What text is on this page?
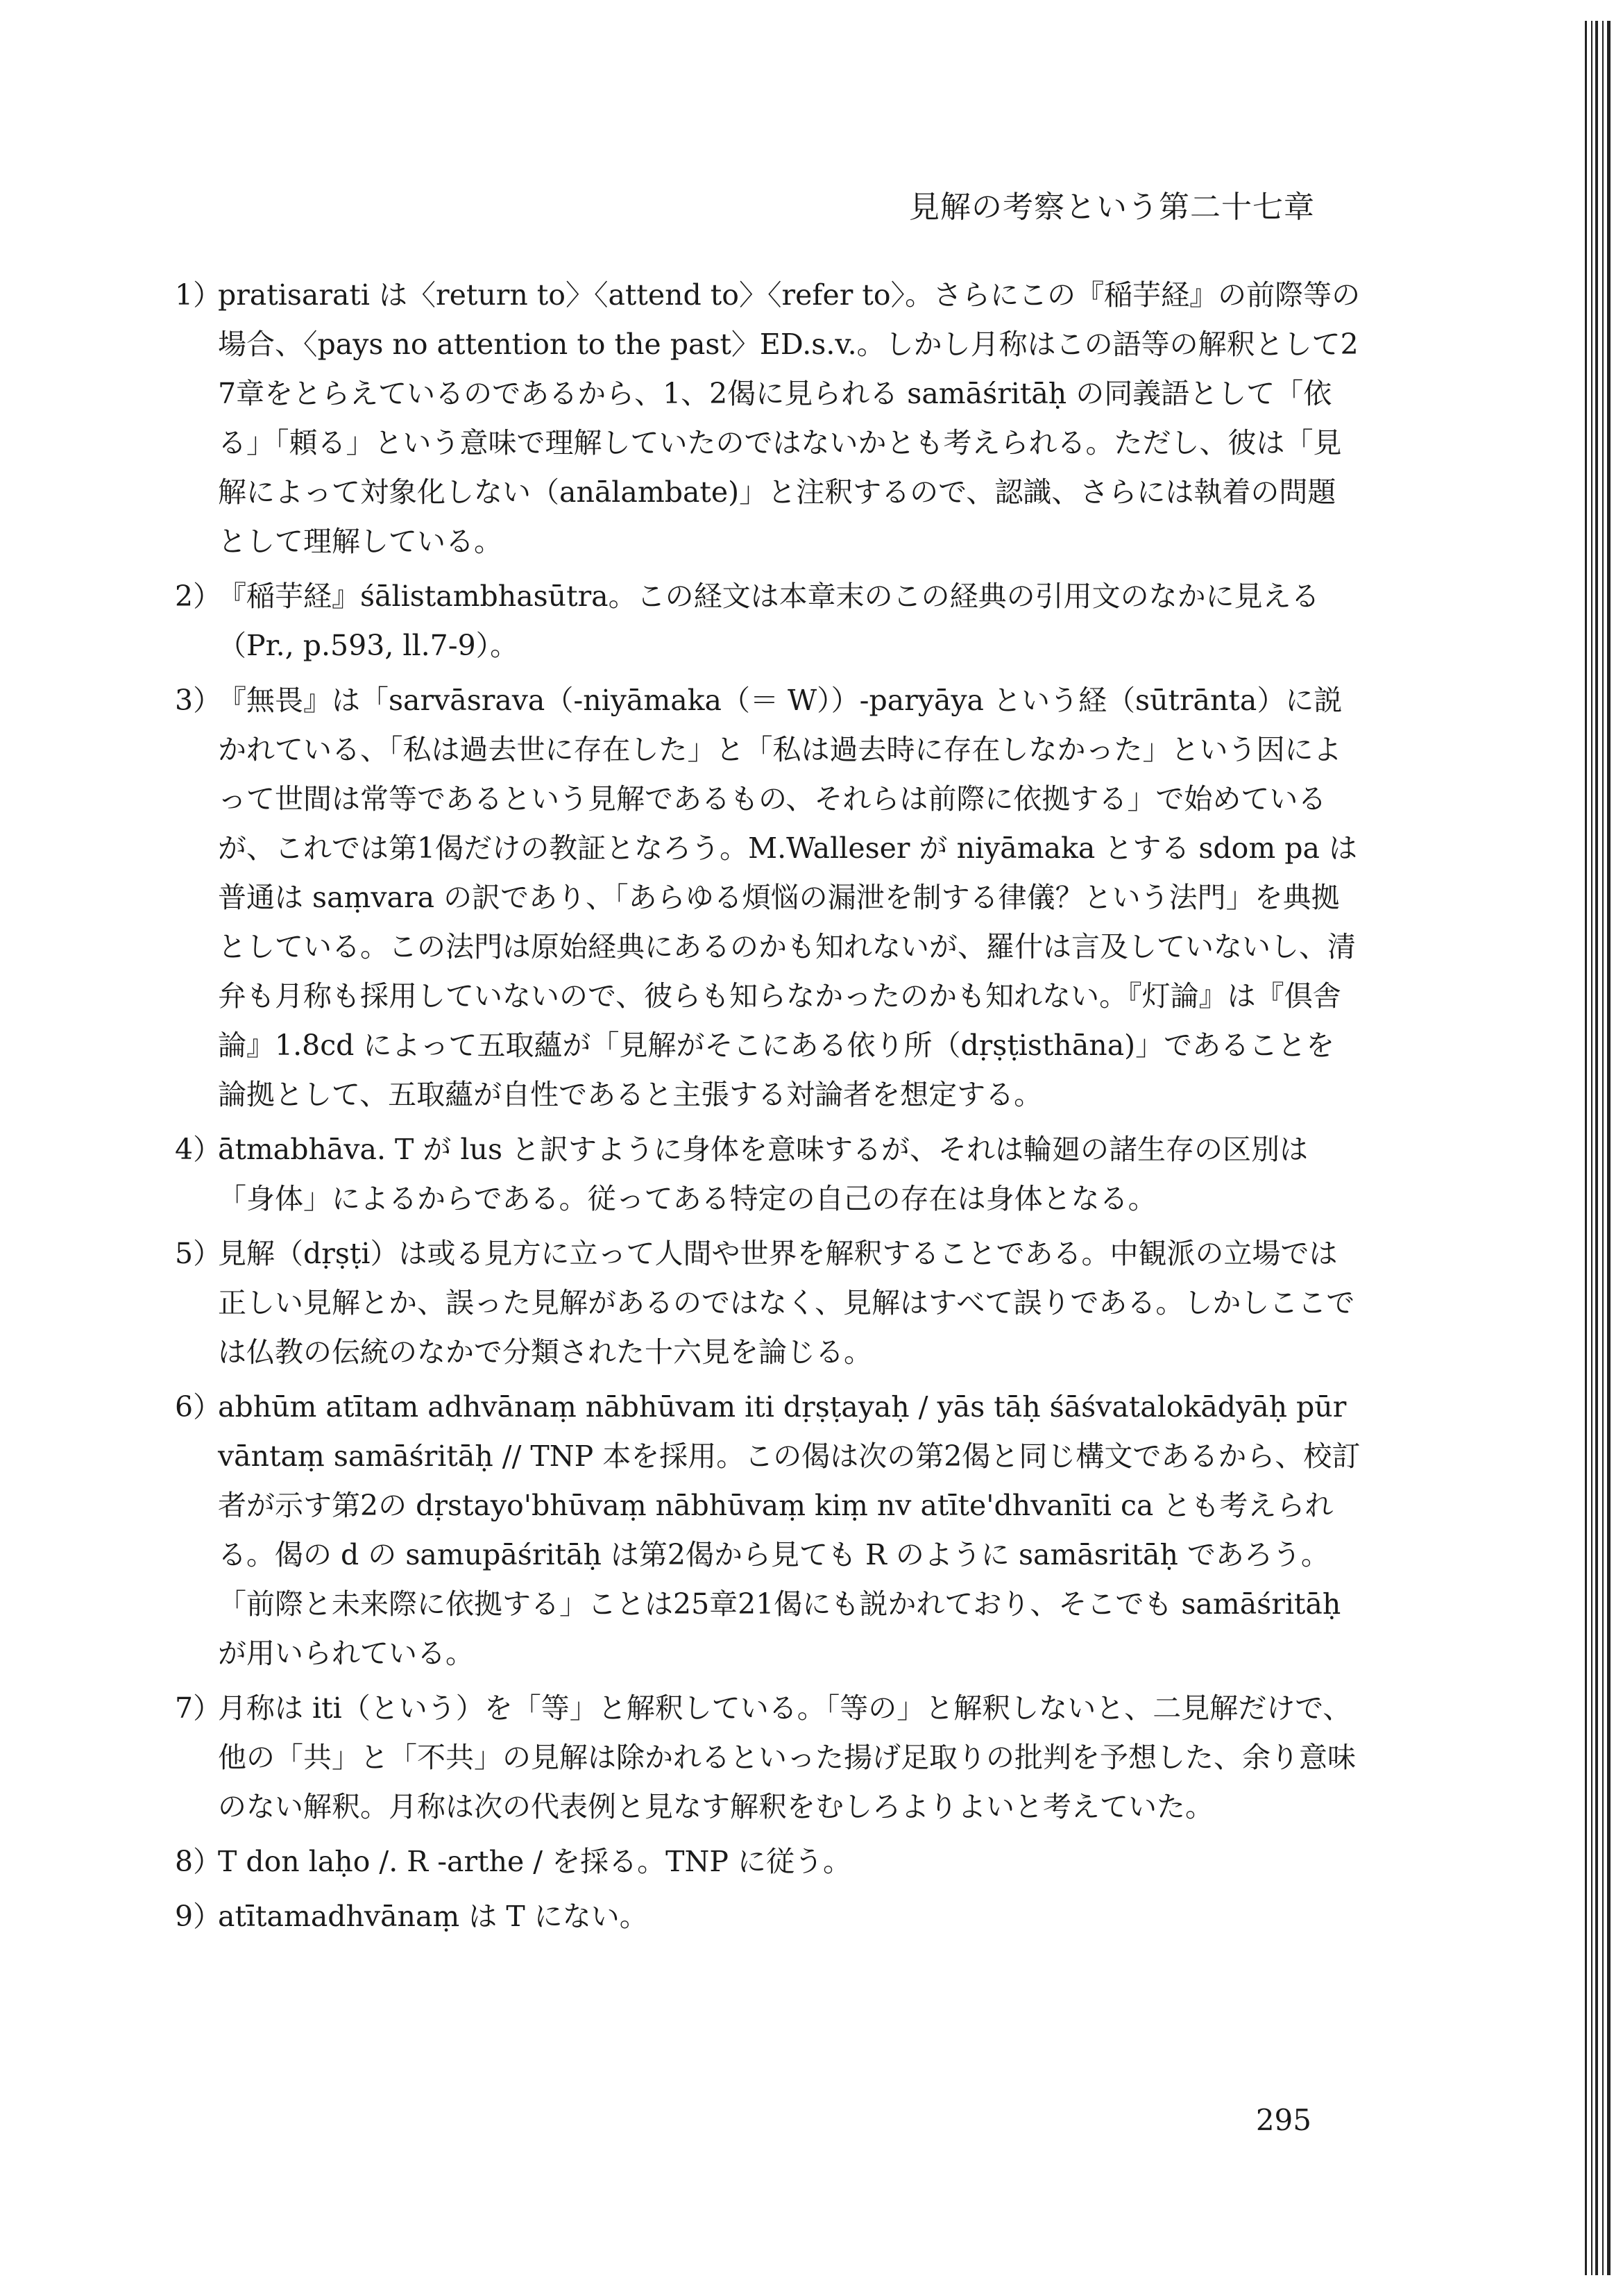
見解の考察という第二十七章
1）
pratisarati は〈return to〉〈attend to〉〈refer to〉。さらにこの『稲芋経』の前際等の場合、〈pays no attention to the past〉ED.s.v.。しかし月称はこの語等の解釈として27章をとらえているのであるから、1、2偈に見られる samāśritāḥ の同義語として「依る」「頼る」という意味で理解していたのではないかとも考えられる。ただし、彼は「見解によって対象化しない（anālambate)」と注釈するので、認識、さらには執着の問題として理解している。
2）
『稲芋経』śālistambhasūtra。この経文は本章末のこの経典の引用文のなかに見える（Pr., p.593, ll.7-9）。
3）
『無畏』は「sarvāsrava（-niyāmaka（＝ W））-paryāya という経（sūtrānta）に説かれている、「私は過去世に存在した」と「私は過去時に存在しなかった」という因によって世間は常等であるという見解であるもの、それらは前際に依拠する」で始めているが、これでは第1偈だけの教証となろう。M.Walleser が niyāmaka とする sdom pa は普通は saṃvara の訳であり、「あらゆる煩悩の漏泄を制する律儀？という法門」を典拠としている。この法門は原始経典にあるのかも知れないが、羅什は言及していないし、清弁も月称も採用していないので、彼らも知らなかったのかも知れない。『灯論』は『倶舎論』1.8cd によって五取蘊が「見解がそこにある依り所（dṛṣṭisthāna)」であることを論拠として、五取蘊が自性であると主張する対論者を想定する。
4）
ātmabhāva. T が lus と訳すように身体を意味するが、それは輪廻の諸生存の区別は「身体」によるからである。従ってある特定の自己の存在は身体となる。
5）
見解（dṛṣṭi）は或る見方に立って人間や世界を解釈することである。中観派の立場では正しい見解とか、誤った見解があるのではなく、見解はすべて誤りである。しかしここでは仏教の伝統のなかで分類された十六見を論じる。
6）
abhūm atītam adhvānaṃ nābhūvam iti dṛṣṭayaḥ / yās tāḥ śāśvatalokādyāḥ pūrvāntaṃ samāśritāḥ // TNP 本を採用。この偈は次の第2偈と同じ構文であるから、校訂者が示す第2の dṛstayo'bhūvaṃ nābhūvaṃ kiṃ nv atīte'dhvanīti ca とも考えられる。偈の d の samupāśritāḥ は第2偈から見ても R のように samāsritāḥ であろう。「前際と未来際に依拠する」ことは25章21偈にも説かれており、そこでも samāśritāḥ が用いられている。
7）
月称は iti（という）を「等」と解釈している。「等の」と解釈しないと、二見解だけで、他の「共」と「不共」の見解は除かれるといった揚げ足取りの批判を予想した、余り意味のない解釈。月称は次の代表例と見なす解釈をむしろよりよいと考えていた。
8）
T don laḥo /. R -arthe / を採る。TNP に従う。
9）
atītamadhvānaṃ は T にない。
295
